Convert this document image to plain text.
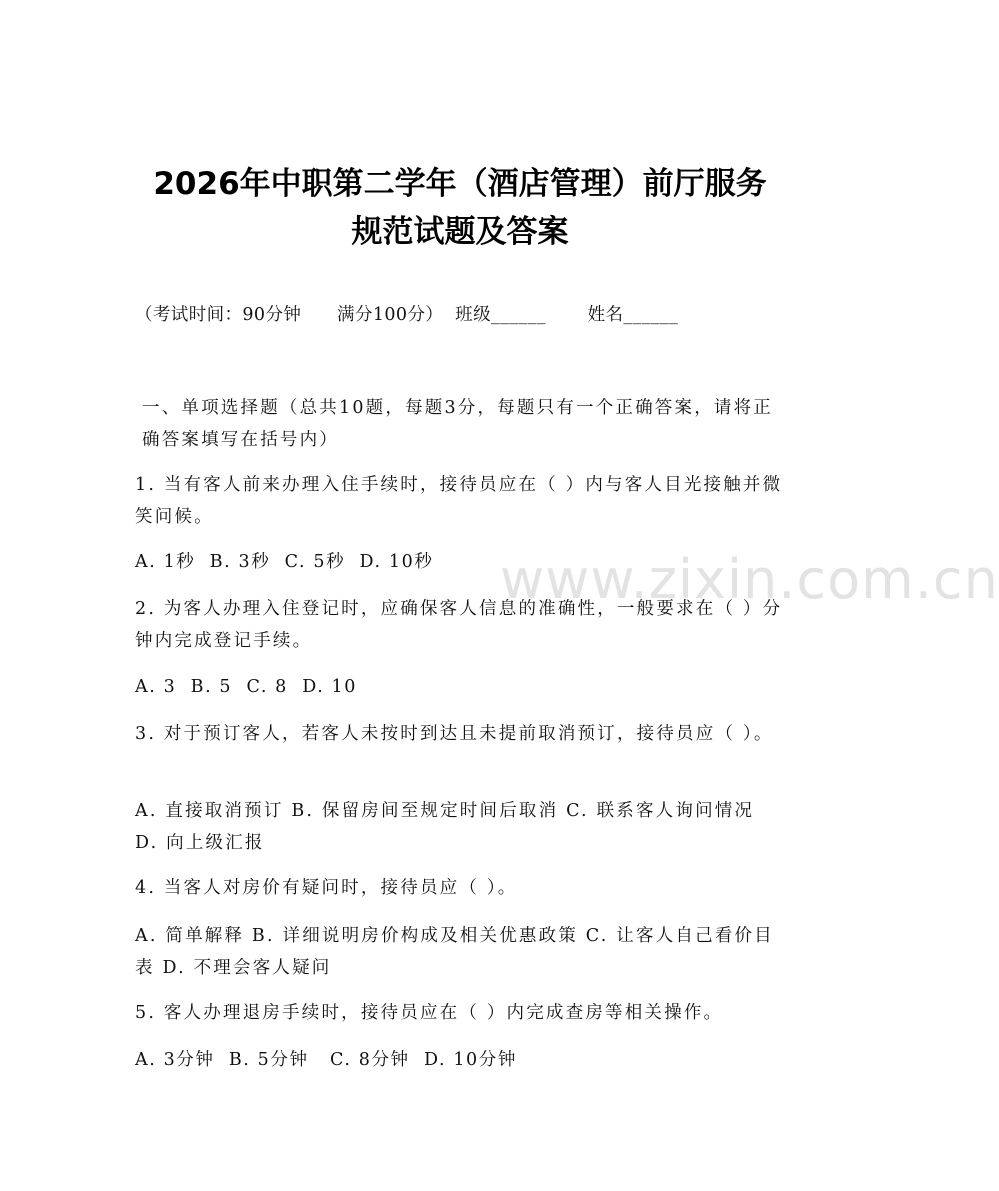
www.zixin.com.cn
2026年中职第二学年（酒店管理）前厅服务
规范试题及答案
（考试时间：90分钟      满分100分）  班级______       姓名______
一、单项选择题（总共10题，每题3分，每题只有一个正确答案，请将正确答案填写在括号内）
1. 当有客人前来办理入住手续时，接待员应在（ ）内与客人目光接触并微笑问候。
A. 1秒  B. 3秒  C. 5秒  D. 10秒
2. 为客人办理入住登记时，应确保客人信息的准确性，一般要求在（ ）分钟内完成登记手续。
A. 3  B. 5  C. 8  D. 10
3. 对于预订客人，若客人未按时到达且未提前取消预订，接待员应（ ）。
A. 直接取消预订 B. 保留房间至规定时间后取消 C. 联系客人询问情况 D. 向上级汇报
4. 当客人对房价有疑问时，接待员应（ ）。
A. 简单解释 B. 详细说明房价构成及相关优惠政策 C. 让客人自己看价目表 D. 不理会客人疑问
5. 客人办理退房手续时，接待员应在（ ）内完成查房等相关操作。
A. 3分钟  B. 5分钟   C. 8分钟  D. 10分钟
